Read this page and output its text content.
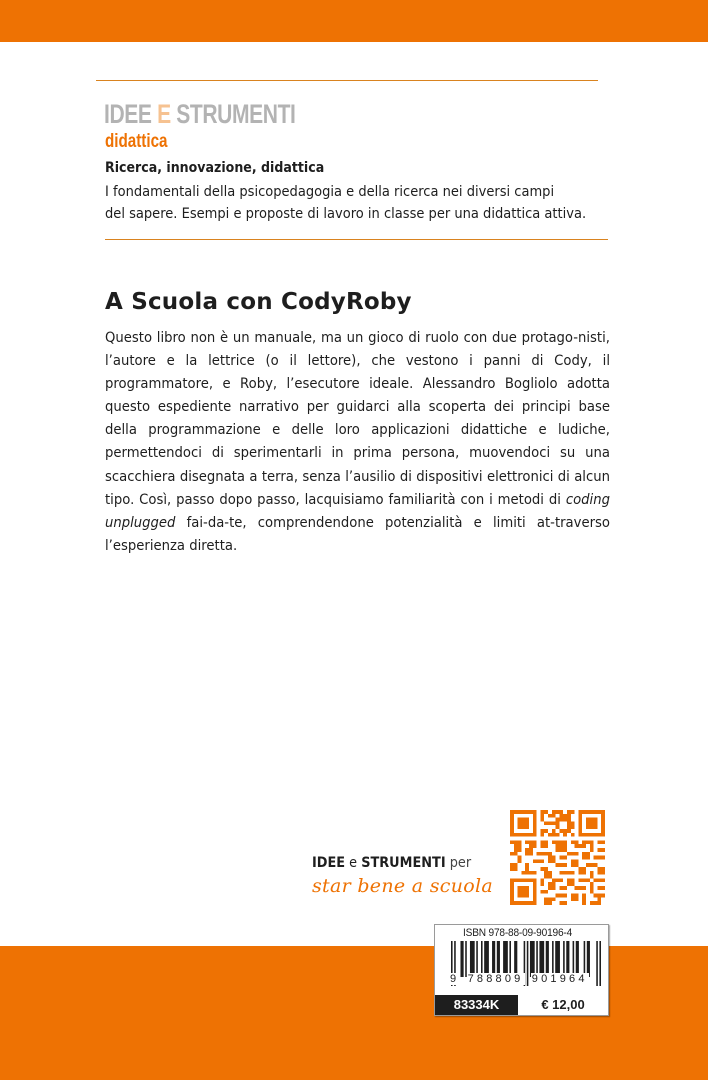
IDEE E STRUMENTI
didattica
Ricerca, innovazione, didattica
I fondamentali della psicopedagogia e della ricerca nei diversi campi
del sapere. Esempi e proposte di lavoro in classe per una didattica attiva.
A Scuola con CodyRoby

Questo libro non è un manuale, ma un gioco di ruolo con due protago-nisti, l’autore e la lettrice (o il lettore), che vestono i panni di Cody, il programmatore, e Roby, l’esecutore ideale. Alessandro Bogliolo adotta questo espediente narrativo per guidarci alla scoperta dei principi base della programmazione e delle loro applicazioni didattiche e ludiche, permettendoci di sperimentarli in prima persona, muovendoci su una scacchiera disegnata a terra, senza l’ausilio di dispositivi elettronici di alcun tipo. Così, passo dopo passo, lacquisiamo familiarità con i metodi di coding unplugged fai-da-te, comprendendone potenzialità e limiti at-traverso l’esperienza diretta.

IDEE e STRUMENTI per
star bene a scuola
ISBN 978-88-09-90196-4
9 788809 901964
83334K	€ 12,00
